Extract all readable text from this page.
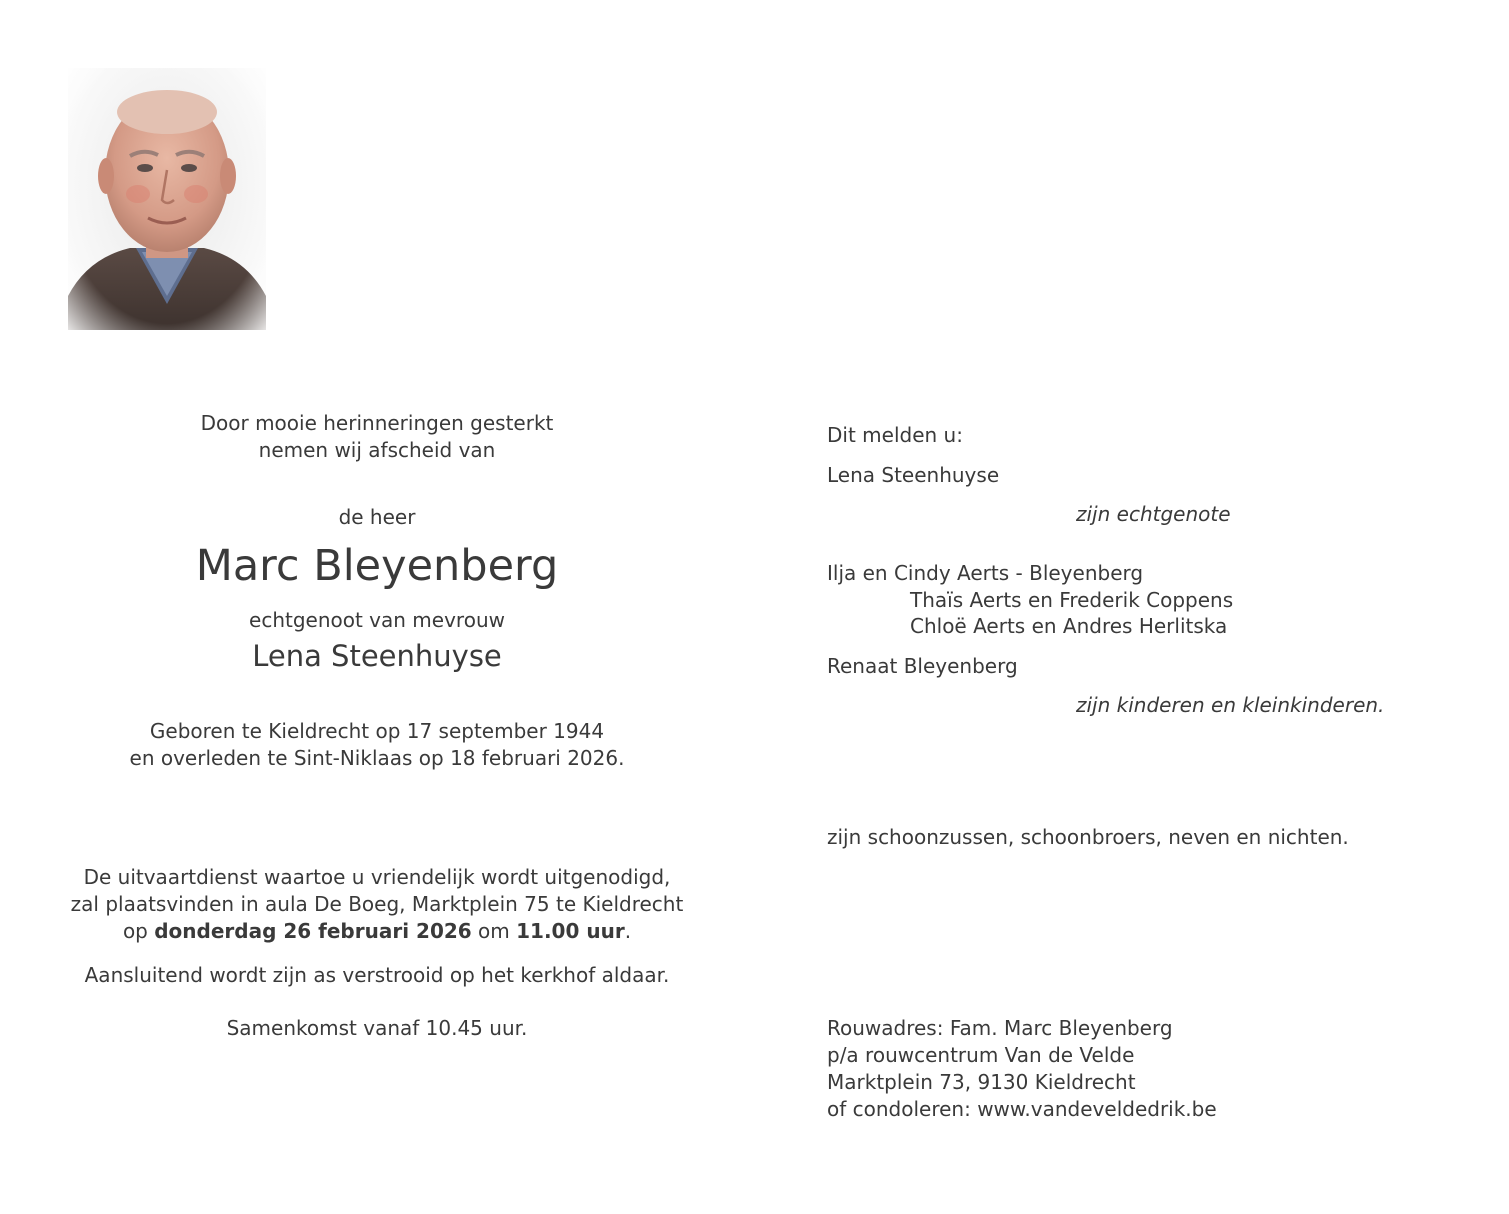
Door mooie herinneringen gesterkt
nemen wij afscheid van
de heer
Marc Bleyenberg
echtgenoot van mevrouw
Lena Steenhuyse
Geboren te Kieldrecht op 17 september 1944
en overleden te Sint-Niklaas op 18 februari 2026.
De uitvaartdienst waartoe u vriendelijk wordt uitgenodigd,
zal plaatsvinden in aula De Boeg, Marktplein 75 te Kieldrecht
op donderdag 26 februari 2026 om 11.00 uur.
Aansluitend wordt zijn as verstrooid op het kerkhof aldaar.
Samenkomst vanaf 10.45 uur.
Dit melden u:
Lena Steenhuyse
zijn echtgenote
Ilja en Cindy Aerts - Bleyenberg
Thaïs Aerts en Frederik Coppens
Chloë Aerts en Andres Herlitska
Renaat Bleyenberg
zijn kinderen en kleinkinderen.
zijn schoonzussen, schoonbroers, neven en nichten.
Rouwadres: Fam. Marc Bleyenberg
p/a rouwcentrum Van de Velde
Marktplein 73, 9130 Kieldrecht
of condoleren: www.vandeveldedrik.be
